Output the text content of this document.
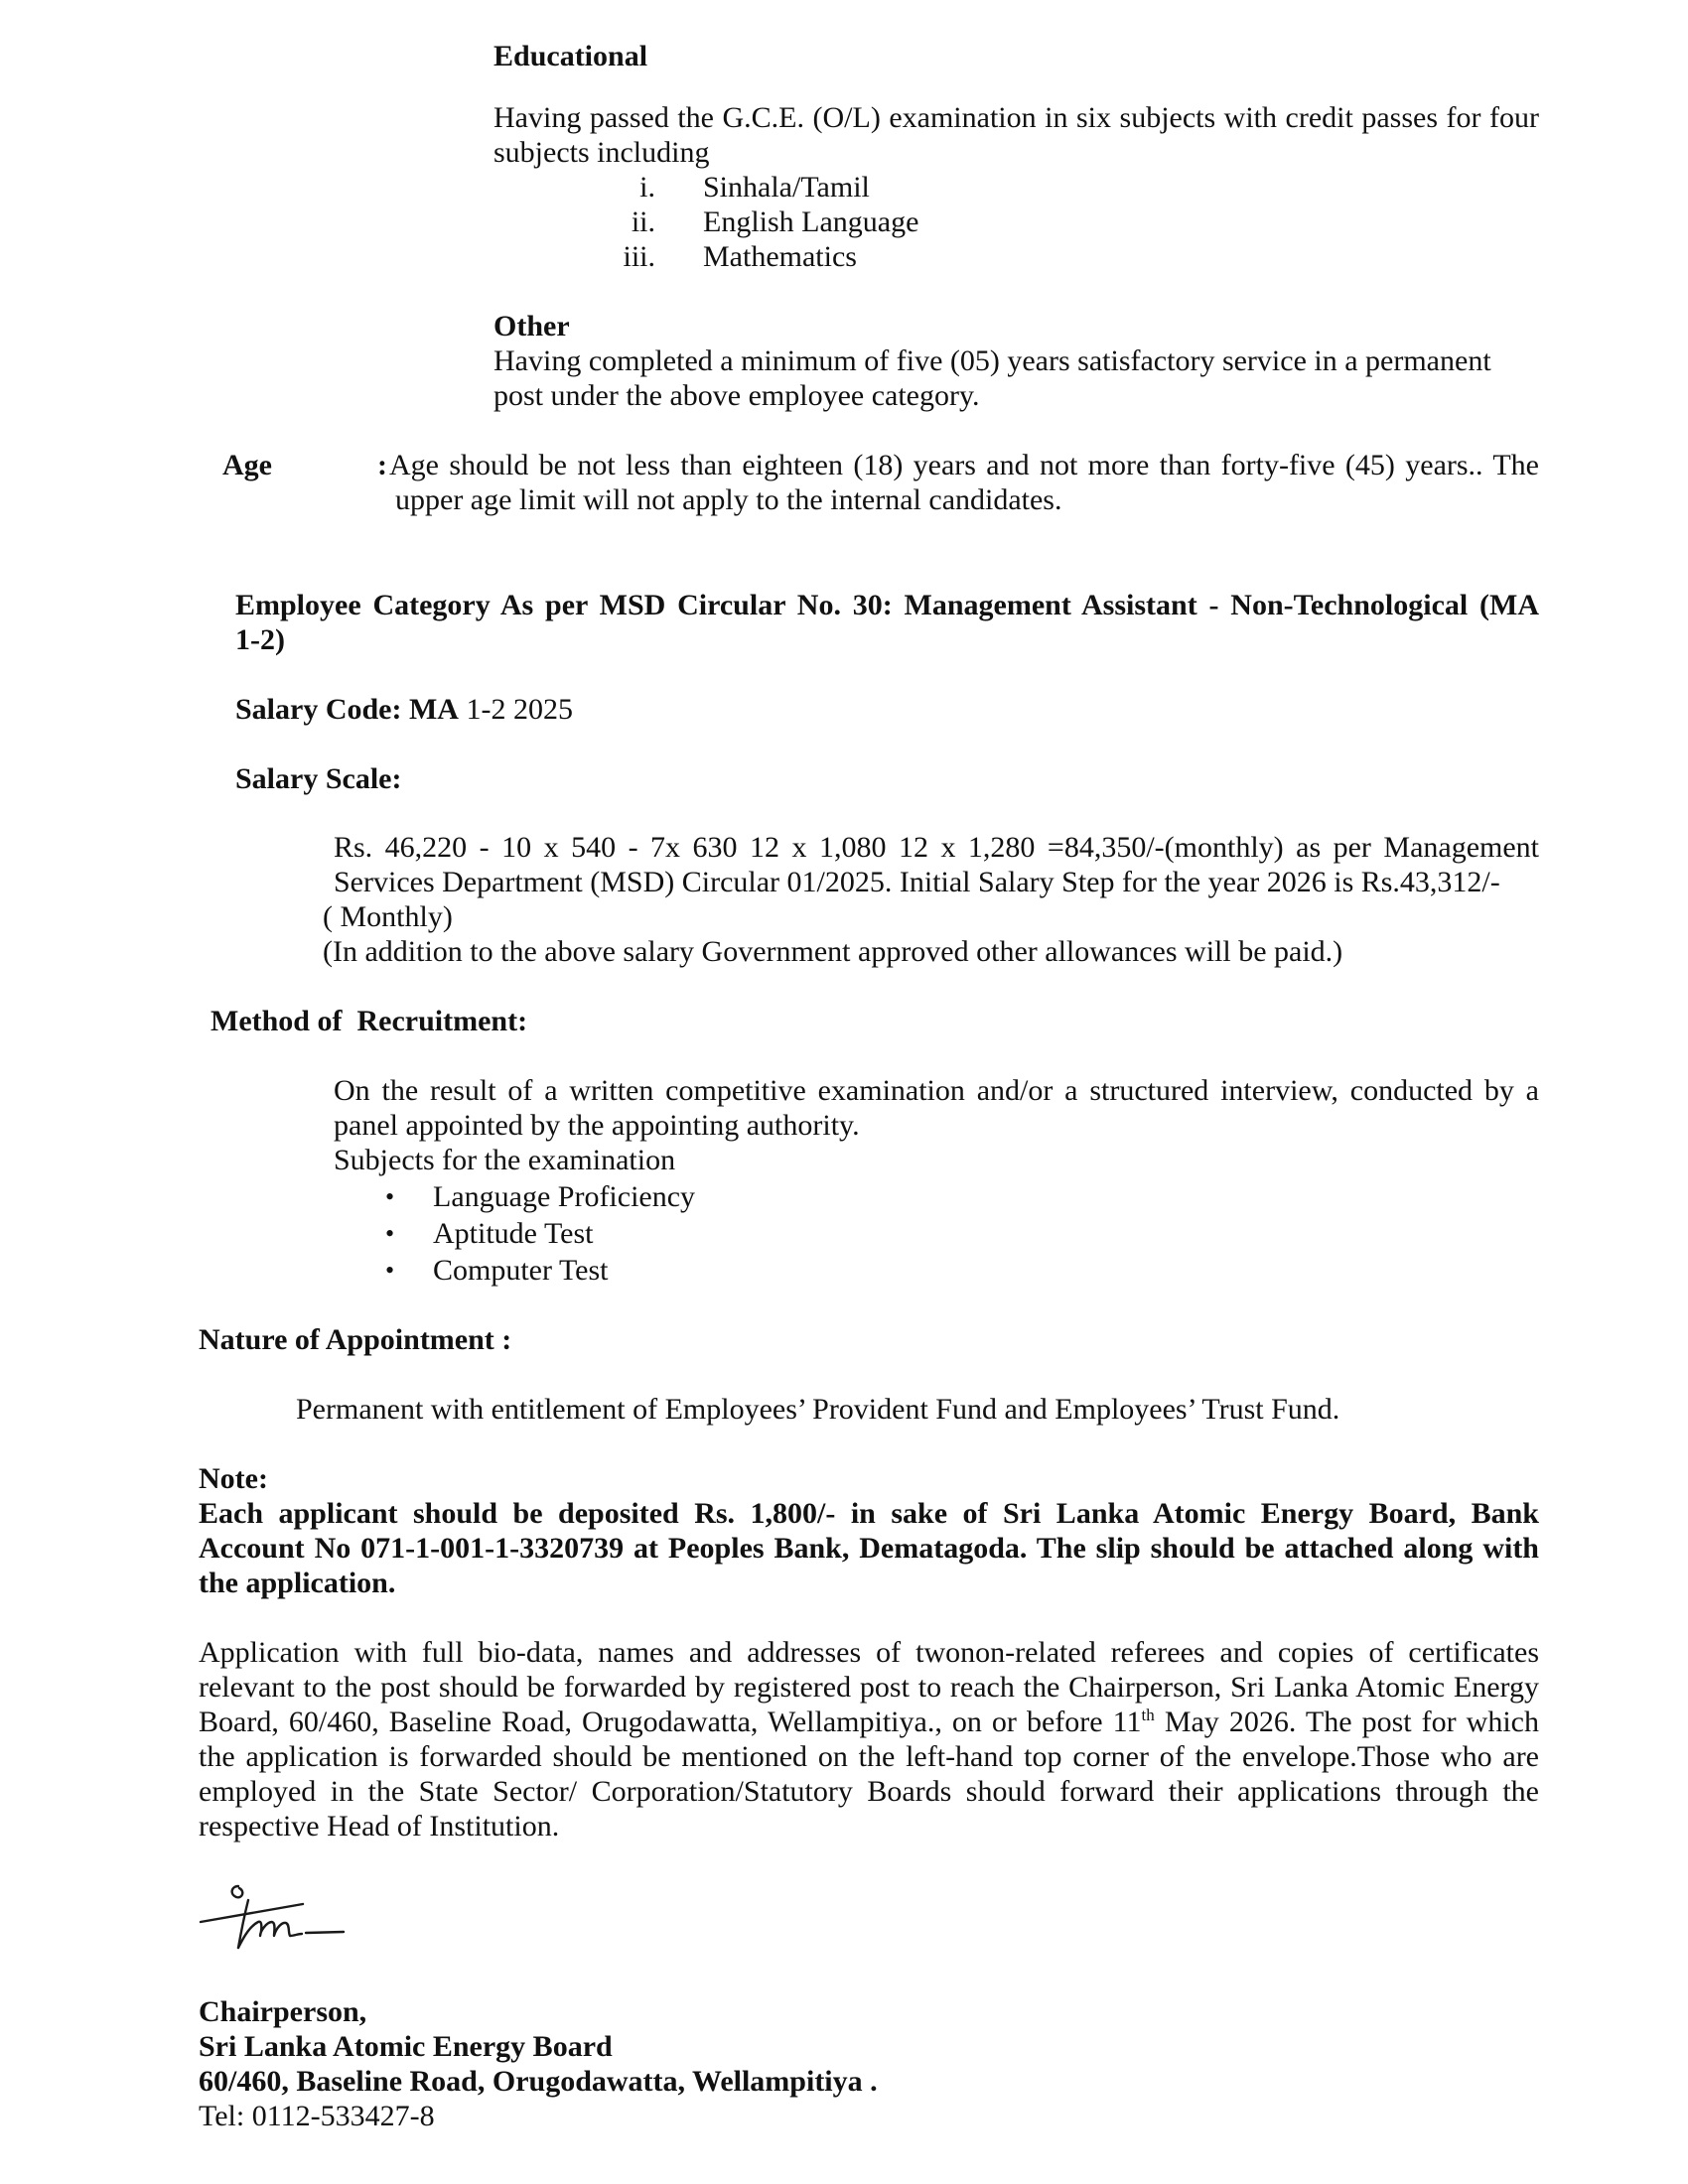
Educational

Having passed the G.C.E. (O/L) examination in six subjects with credit passes for four

subjects including

i. Sinhala/Tamil
ii. English Language
iii. Mathematics

Other

Having completed a minimum of five (05) years satisfactory service in a permanent

post under the above employee category.

Age	: Age should be not less than eighteen (18) years and not more than forty-five (45) years.. The

upper age limit will not apply to the internal candidates.

Employee Category As per MSD Circular No. 30: Management Assistant - Non-Technological (MA

1-2)

Salary Code: MA 1-2 2025

Salary Scale:

Rs. 46,220 - 10 x 540 - 7x 630 12 x 1,080 12 x 1,280 =84,350/-(monthly) as per Management

Services Department (MSD) Circular 01/2025. Initial Salary Step for the year 2026 is Rs.43,312/-

( Monthly)

(In addition to the above salary Government approved other allowances will be paid.)

Method of  Recruitment:

On the result of a written competitive examination and/or a structured interview, conducted by a

panel appointed by the appointing authority.

Subjects for the examination

• Language Proficiency
• Aptitude Test
• Computer Test

Nature of Appointment :

Permanent with entitlement of Employees’ Provident Fund and Employees’ Trust Fund.

Note:

Each applicant should be deposited Rs. 1,800/- in sake of Sri Lanka Atomic Energy Board, Bank

Account No 071-1-001-1-3320739 at Peoples Bank, Dematagoda. The slip should be attached along with

the application.

Application with full bio-data, names and addresses of twonon-related referees and copies of certificates

relevant to the post should be forwarded by registered post to reach the Chairperson, Sri Lanka Atomic Energy

Board, 60/460, Baseline Road, Orugodawatta, Wellampitiya., on or before 11th May 2026. The post for which

the application is forwarded should be mentioned on the left-hand top corner of the envelope.Those who are

employed in the State Sector/ Corporation/Statutory Boards should forward their applications through the

respective Head of Institution.

Chairperson,

Sri Lanka Atomic Energy Board

60/460, Baseline Road, Orugodawatta, Wellampitiya .

Tel: 0112-533427-8
